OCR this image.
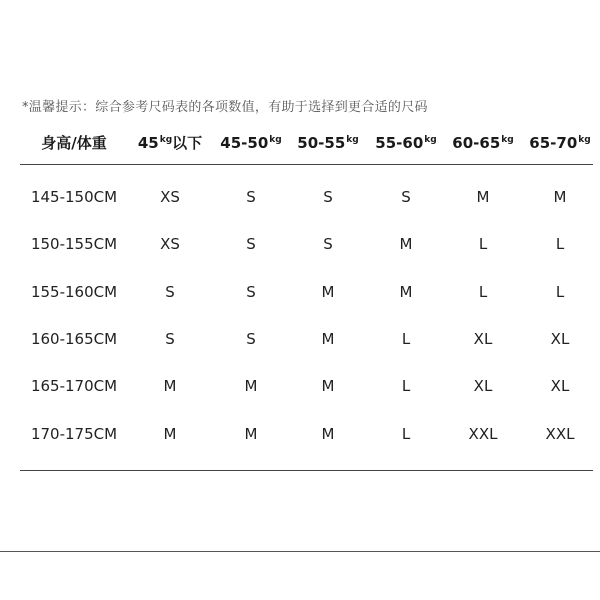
*温馨提示：综合参考尺码表的各项数值，有助于选择到更合适的尺码
身高/体重 $45^{kg}$以下 $45-50^{kg}$ $50-55^{kg}$ $55-60^{kg}$ $60-65^{kg}$ $65-70^{kg}$
145-150CM	XS	S	S	S	M	M
150-155CM	XS	S	S	M	L	L
155-160CM	S	S	M	M	L	L
160-165CM	S	S	M	L	XL	XL
165-170CM	M	M	M	L	XL	XL
170-175CM	M	M	M	L	XXL	XXL
